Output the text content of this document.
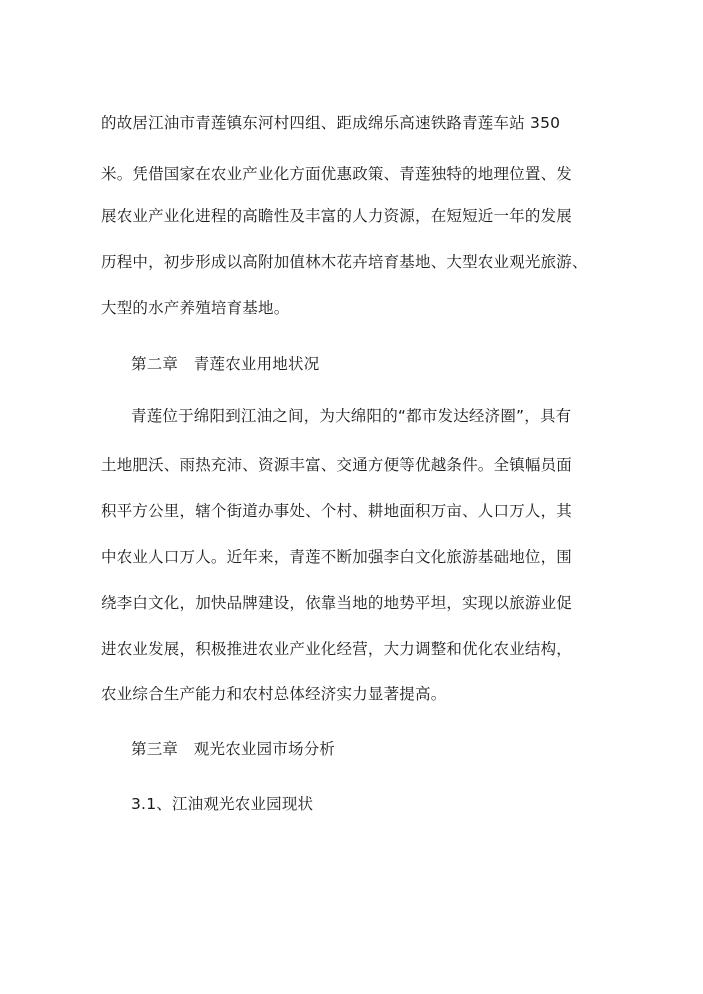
的故居江油市青莲镇东河村四组、距成绵乐高速铁路青莲车站 350
米。凭借国家在农业产业化方面优惠政策、青莲独特的地理位置、发
展农业产业化进程的高瞻性及丰富的人力资源，在短短近一年的发展
历程中，初步形成以高附加值林木花卉培育基地、大型农业观光旅游、
大型的水产养殖培育基地。
第二章　青莲农业用地状况
青莲位于绵阳到江油之间，为大绵阳的“都市发达经济圈”，具有
土地肥沃、雨热充沛、资源丰富、交通方便等优越条件。全镇幅员面
积平方公里，辖个街道办事处、个村、耕地面积万亩、人口万人，其
中农业人口万人。近年来，青莲不断加强李白文化旅游基础地位，围
绕李白文化，加快品牌建设，依靠当地的地势平坦，实现以旅游业促
进农业发展，积极推进农业产业化经营，大力调整和优化农业结构，
农业综合生产能力和农村总体经济实力显著提高。
第三章　观光农业园市场分析
3.1、江油观光农业园现状
